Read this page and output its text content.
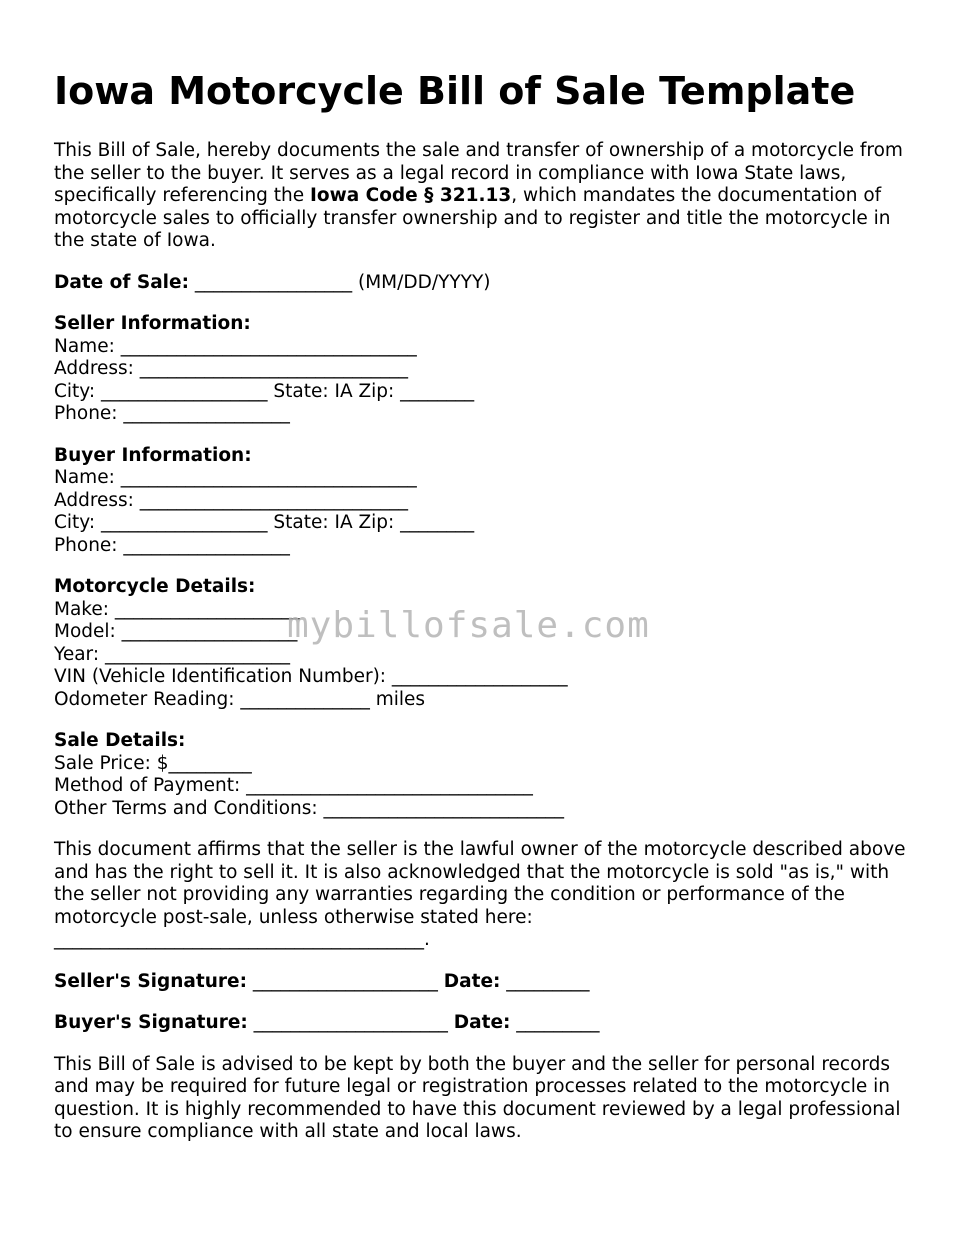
Iowa Motorcycle Bill of Sale Template

This Bill of Sale, hereby documents the sale and transfer of ownership of a motorcycle from the seller to the buyer. It serves as a legal record in compliance with Iowa State laws, specifically referencing the Iowa Code § 321.13, which mandates the documentation of motorcycle sales to officially transfer ownership and to register and title the motorcycle in the state of Iowa.

Date of Sale: _________________ (MM/DD/YYYY)

Seller Information:
Name: ________________________________
Address: _____________________________
City: __________________ State: IA Zip: ________
Phone: __________________
Buyer Information:
Name: ________________________________
Address: _____________________________
City: __________________ State: IA Zip: ________
Phone: __________________
Motorcycle Details:
Make: ____________________
Model: ___________________
Year: ____________________
VIN (Vehicle Identification Number): ___________________
Odometer Reading: ______________ miles
Sale Details:
Sale Price: $_________
Method of Payment: _______________________________
Other Terms and Conditions: __________________________

This document affirms that the seller is the lawful owner of the motorcycle described above and has the right to sell it. It is also acknowledged that the motorcycle is sold "as is," with the seller not providing any warranties regarding the condition or performance of the motorcycle post-sale, unless otherwise stated here:
________________________________________.

Seller's Signature: ____________________ Date: _________

Buyer's Signature: _____________________ Date: _________

This Bill of Sale is advised to be kept by both the buyer and the seller for personal records and may be required for future legal or registration processes related to the motorcycle in question. It is highly recommended to have this document reviewed by a legal professional to ensure compliance with all state and local laws.

mybillofsale.com
